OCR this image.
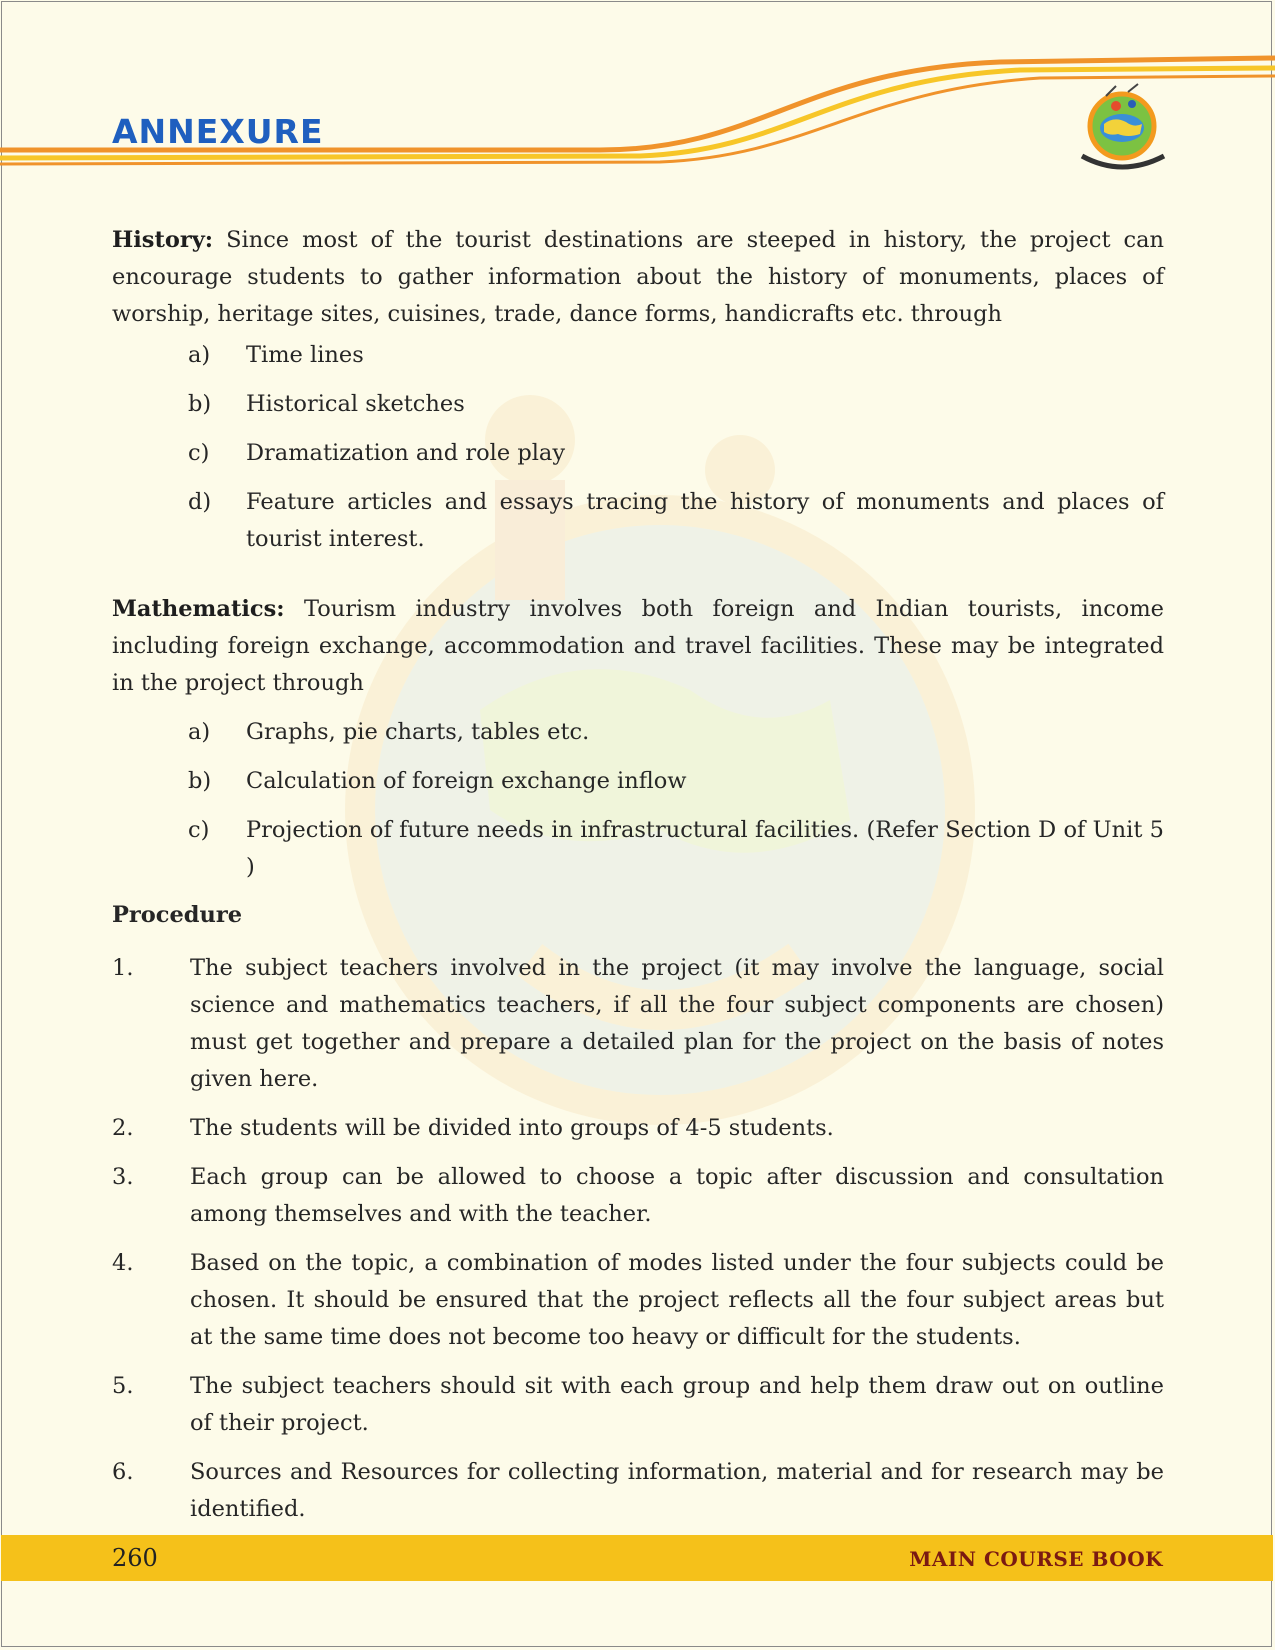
ANNEXURE

History: Since most of the tourist destinations are steeped in history, the project can encourage students to gather information about the history of monuments, places of worship, heritage sites, cuisines, trade, dance forms, handicrafts etc. through

a) Time lines
b) Historical sketches
c) Dramatization and role play
d) Feature articles and essays tracing the history of monuments and places of tourist interest.

Mathematics: Tourism industry involves both foreign and Indian tourists, income including foreign exchange, accommodation and travel facilities. These may be integrated in the project through

a) Graphs, pie charts, tables etc.
b) Calculation of foreign exchange inflow
c) Projection of future needs in infrastructural facilities. (Refer Section D of Unit 5 )
Procedure
1.	The subject teachers involved in the project (it may involve the language, social science and mathematics teachers, if all the four subject components are chosen) must get together and prepare a detailed plan for the project on the basis of notes given here.
2.	The students will be divided into groups of 4-5 students.
3.	Each group can be allowed to choose a topic after discussion and consultation among themselves and with the teacher.
4.	Based on the topic, a combination of modes listed under the four subjects could be chosen. It should be ensured that the project reflects all the four subject areas but at the same time does not become too heavy or difficult for the students.
5.	The subject teachers should sit with each group and help them draw out on outline of their project.
6.	Sources and Resources for collecting information, material and for research may be identified.
260	MAIN COURSE BOOK
